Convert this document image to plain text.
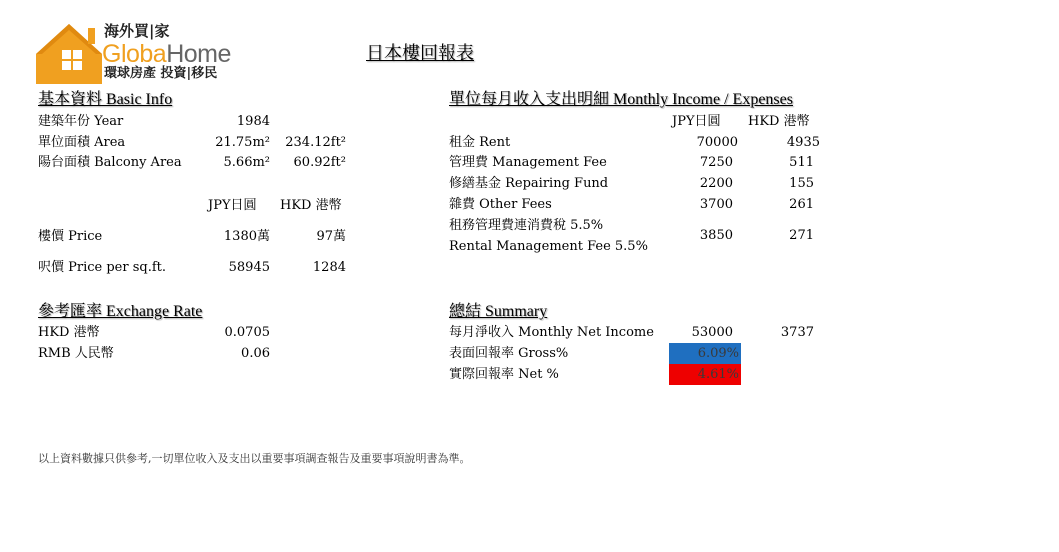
海外買|家
GlobaHome
環球房產 投資|移民
日本樓回報表
基本資料 Basic Info
建築年份 Year	1984
單位面積 Area	21.75m²	234.12ft²
陽台面積 Balcony Area	5.66m²	60.92ft²
JPY日圓 HKD 港幣
樓價 Price	1380萬	97萬
呎價 Price per sq.ft.	58945	1284
參考匯率 Exchange Rate
HKD 港幣	0.0705
RMB 人民幣	0.06
單位每月收入支出明細 Monthly Income / Expenses
JPY日圓 HKD 港幣
租金 Rent	70000	4935
管理費 Management Fee	7250	511
修繕基金 Repairing Fund	2200	155
雜費 Other Fees	3700	261
租務管理費連消費稅 5.5%
Rental Management Fee 5.5%
3850	271
總結 Summary
每月淨收入 Monthly Net Income	53000	3737
表面回報率 Gross%	6.09%
實際回報率 Net %	4.61%
以上資料數據只供參考,一切單位收入及支出以重要事項調查報告及重要事項說明書為準。
